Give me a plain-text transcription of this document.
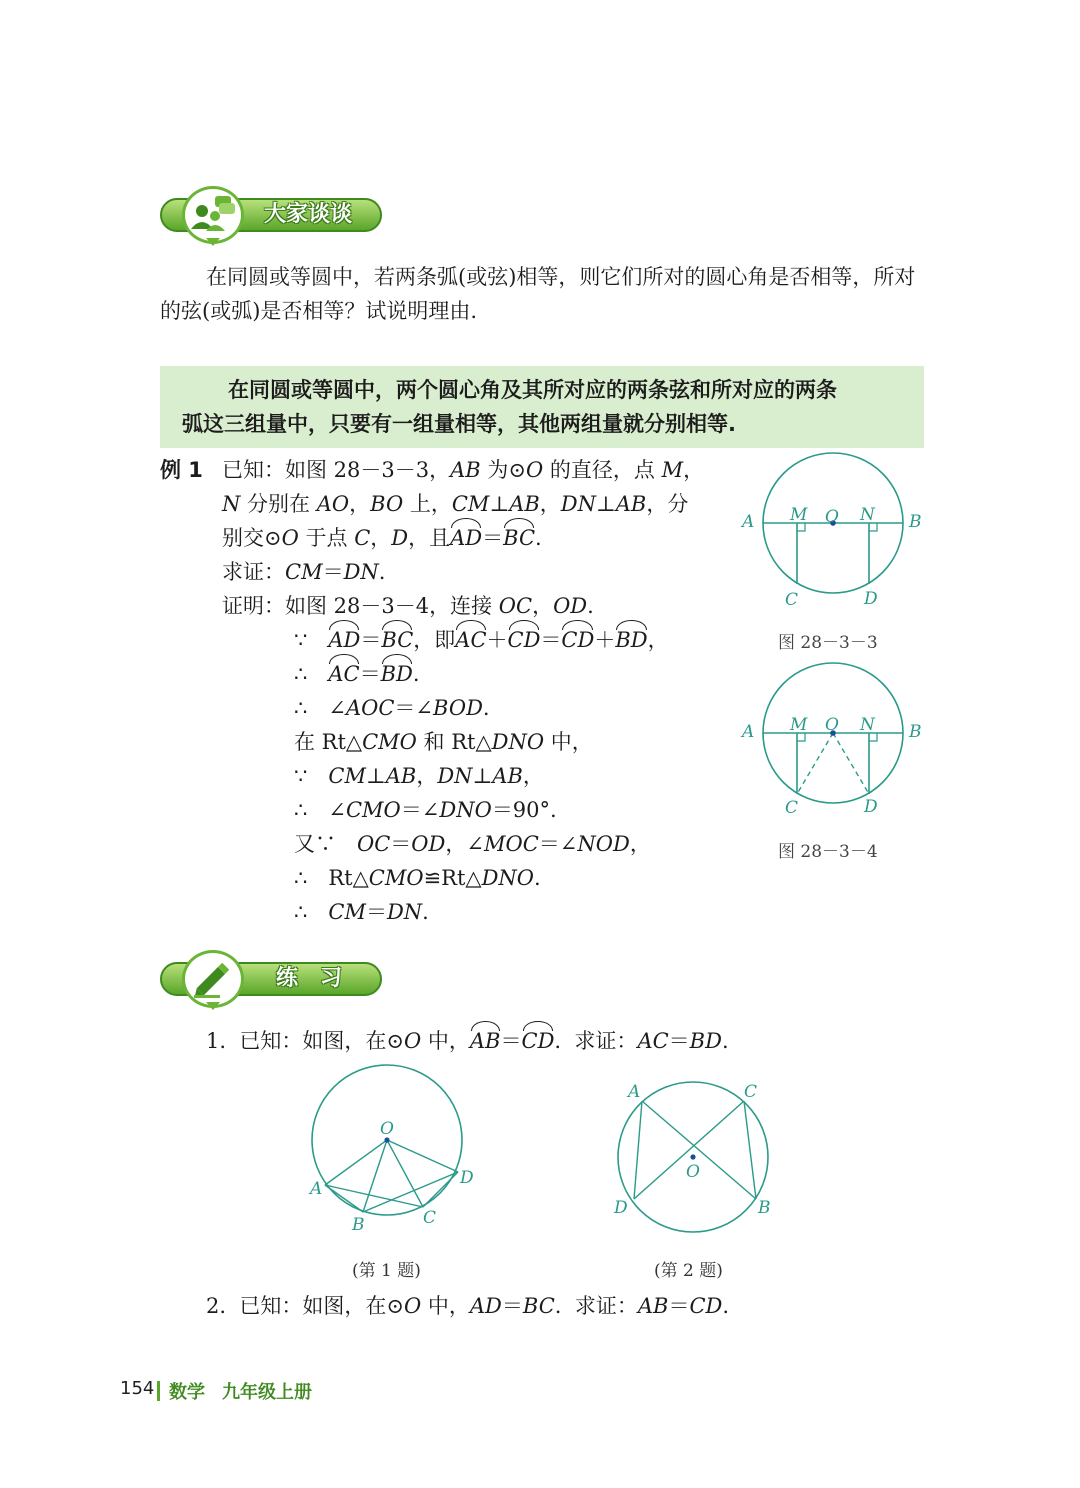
大家谈谈
在同圆或等圆中，若两条弧(或弦)相等，则它们所对的圆心角是否相等，所对的弦(或弧)是否相等？试说明理由.
在同圆或等圆中，两个圆心角及其所对应的两条弦和所对应的两条
弧这三组量中，只要有一组量相等，其他两组量就分别相等.
例 1 已知：如图 28－3－3，AB 为⊙O 的直径，点 M，
N 分别在 AO，BO 上，CM⊥AB，DN⊥AB，分
别交⊙O 于点 C，D，且AD＝BC.
求证：CM＝DN.
证明：如图 28－3－4，连接 OC，OD.
∵　AD＝BC，即AC＋CD＝CD＋BD，
∴　AC＝BD.
∴　∠AOC＝∠BOD.
在 Rt△CMO 和 Rt△DNO 中，
∵　CM⊥AB，DN⊥AB，
∴　∠CMO＝∠DNO＝90°.
又∵　OC＝OD，∠MOC＝∠NOD，
∴　Rt△CMO≌Rt△DNO.
∴　CM＝DN.
A	B
M O N
C	D
图 28－3－3
A	B
M O N
C	D
图 28－3－4
练　习
1.  已知：如图，在⊙O 中，AB＝CD.  求证：AC＝BD.
O
A
B	C
D
(第 1 题)
O
A	C
D	B
(第 2 题)
2.  已知：如图，在⊙O 中，AD＝BC.  求证：AB＝CD.
154 数学 九年级上册
